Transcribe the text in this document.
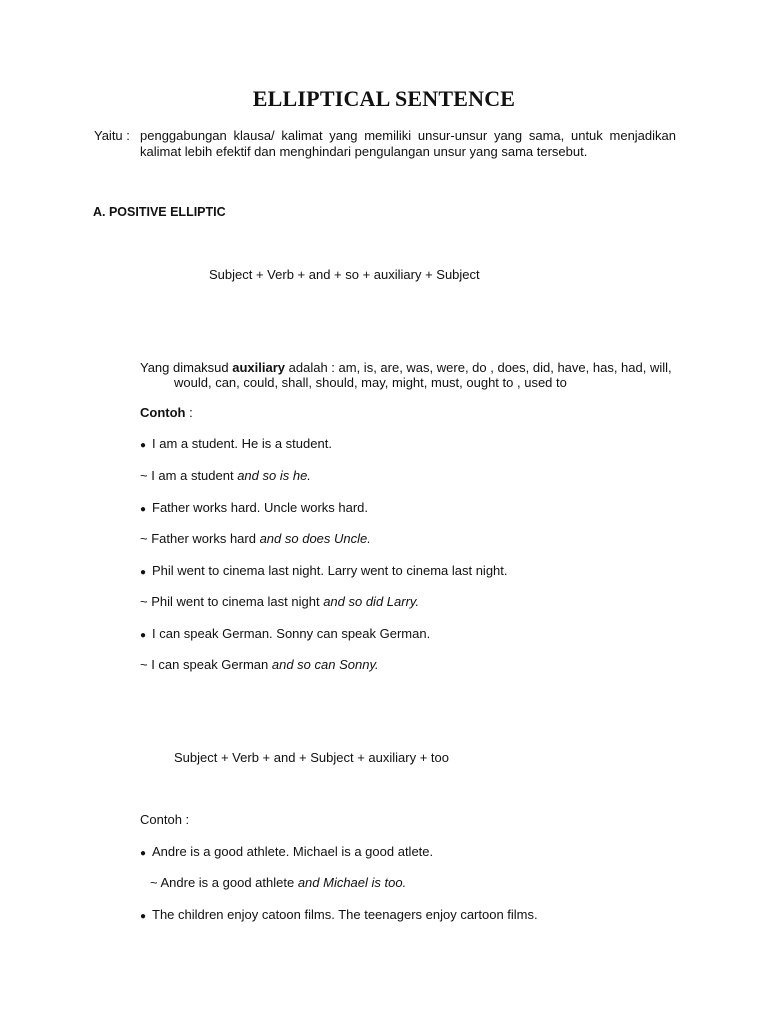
ELLIPTICAL SENTENCE
Yaitu : penggabungan klausa/ kalimat yang memiliki unsur-unsur yang sama, untuk menjadikan kalimat lebih efektif dan menghindari pengulangan unsur yang sama tersebut.
A. POSITIVE ELLIPTIC
Subject + Verb + and + so + auxiliary + Subject
Yang dimaksud auxiliary adalah : am, is, are, was, were, do , does, did, have, has, had, will,
would, can, could, shall, should, may, might, must, ought to , used to
Contoh :
● I am a student. He is a student.
~ I am a student and so is he.
● Father works hard. Uncle works hard.
~ Father works hard and so does Uncle.
● Phil went to cinema last night. Larry went to cinema last night.
~ Phil went to cinema last night and so did Larry.
● I can speak German. Sonny can speak German.
~ I can speak German and so can Sonny.
Subject + Verb + and + Subject + auxiliary + too
Contoh :
● Andre is a good athlete. Michael is a good atlete.
~ Andre is a good athlete and Michael is too.
● The children enjoy catoon films. The teenagers enjoy cartoon films.
